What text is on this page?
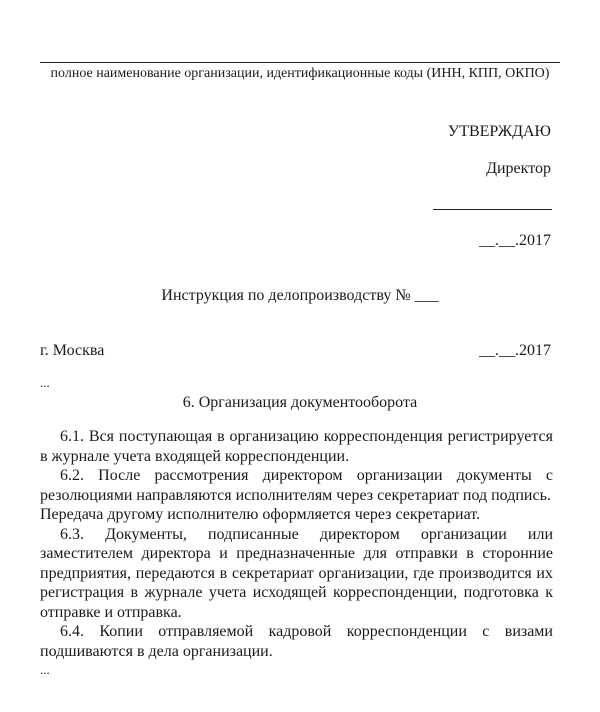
полное наименование организации, идентификационные коды (ИНН, КПП, ОКПО)
УТВЕРЖДАЮ
Директор
__.__.2017
Инструкция по делопроизводству № ___
г. Москва	__.__.2017
...
6. Организация документооборота

6.1. Вся поступающая в организацию корреспонденция регистрируется в журнале учета входящей корреспонденции.

6.2. После рассмотрения директором организации документы с резолюциями направляются исполнителям через секретариат под подпись.

Передача другому исполнителю оформляется через секретариат.

6.3. Документы, подписанные директором организации или заместителем директора и предназначенные для отправки в сторонние предприятия, передаются в секретариат организации, где производится их регистрация в журнале учета исходящей корреспонденции, подготовка к отправке и отправка.

6.4. Копии отправляемой кадровой корреспонденции с визами подшиваются в дела организации.

...
